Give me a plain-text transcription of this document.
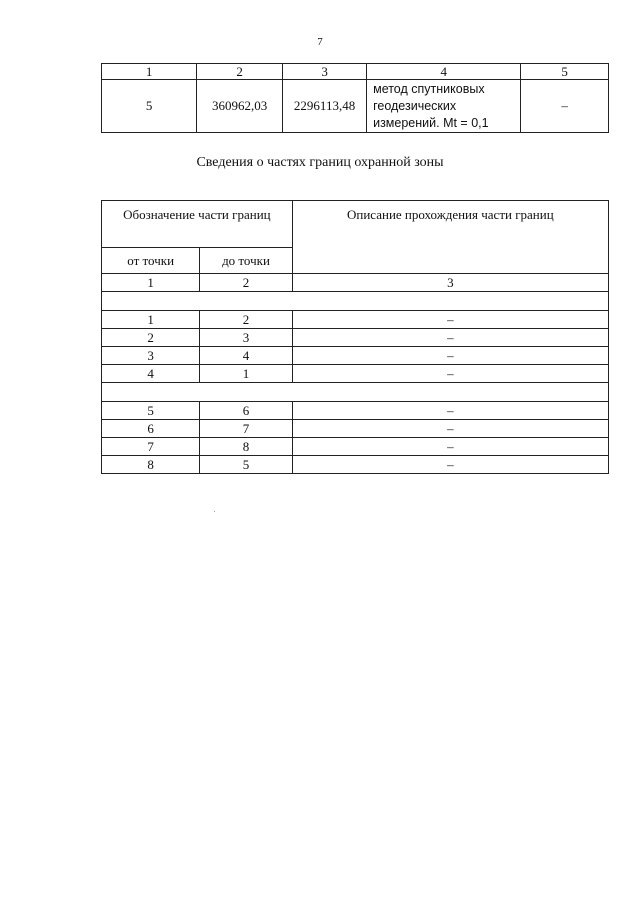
7
1	2	3	4	5
5	360962,03	2296113,48	метод спутниковых
геодезических
измерений. Mt = 0,1	–
Сведения о частях границ охранной зоны
Обозначение части границ		Описание прохождения части границ
от точки	до точки	
1	2	3

1	2	–
2	3	–
3	4	–
4	1	–

5	6	–
6	7	–
7	8	–
8	5	–
